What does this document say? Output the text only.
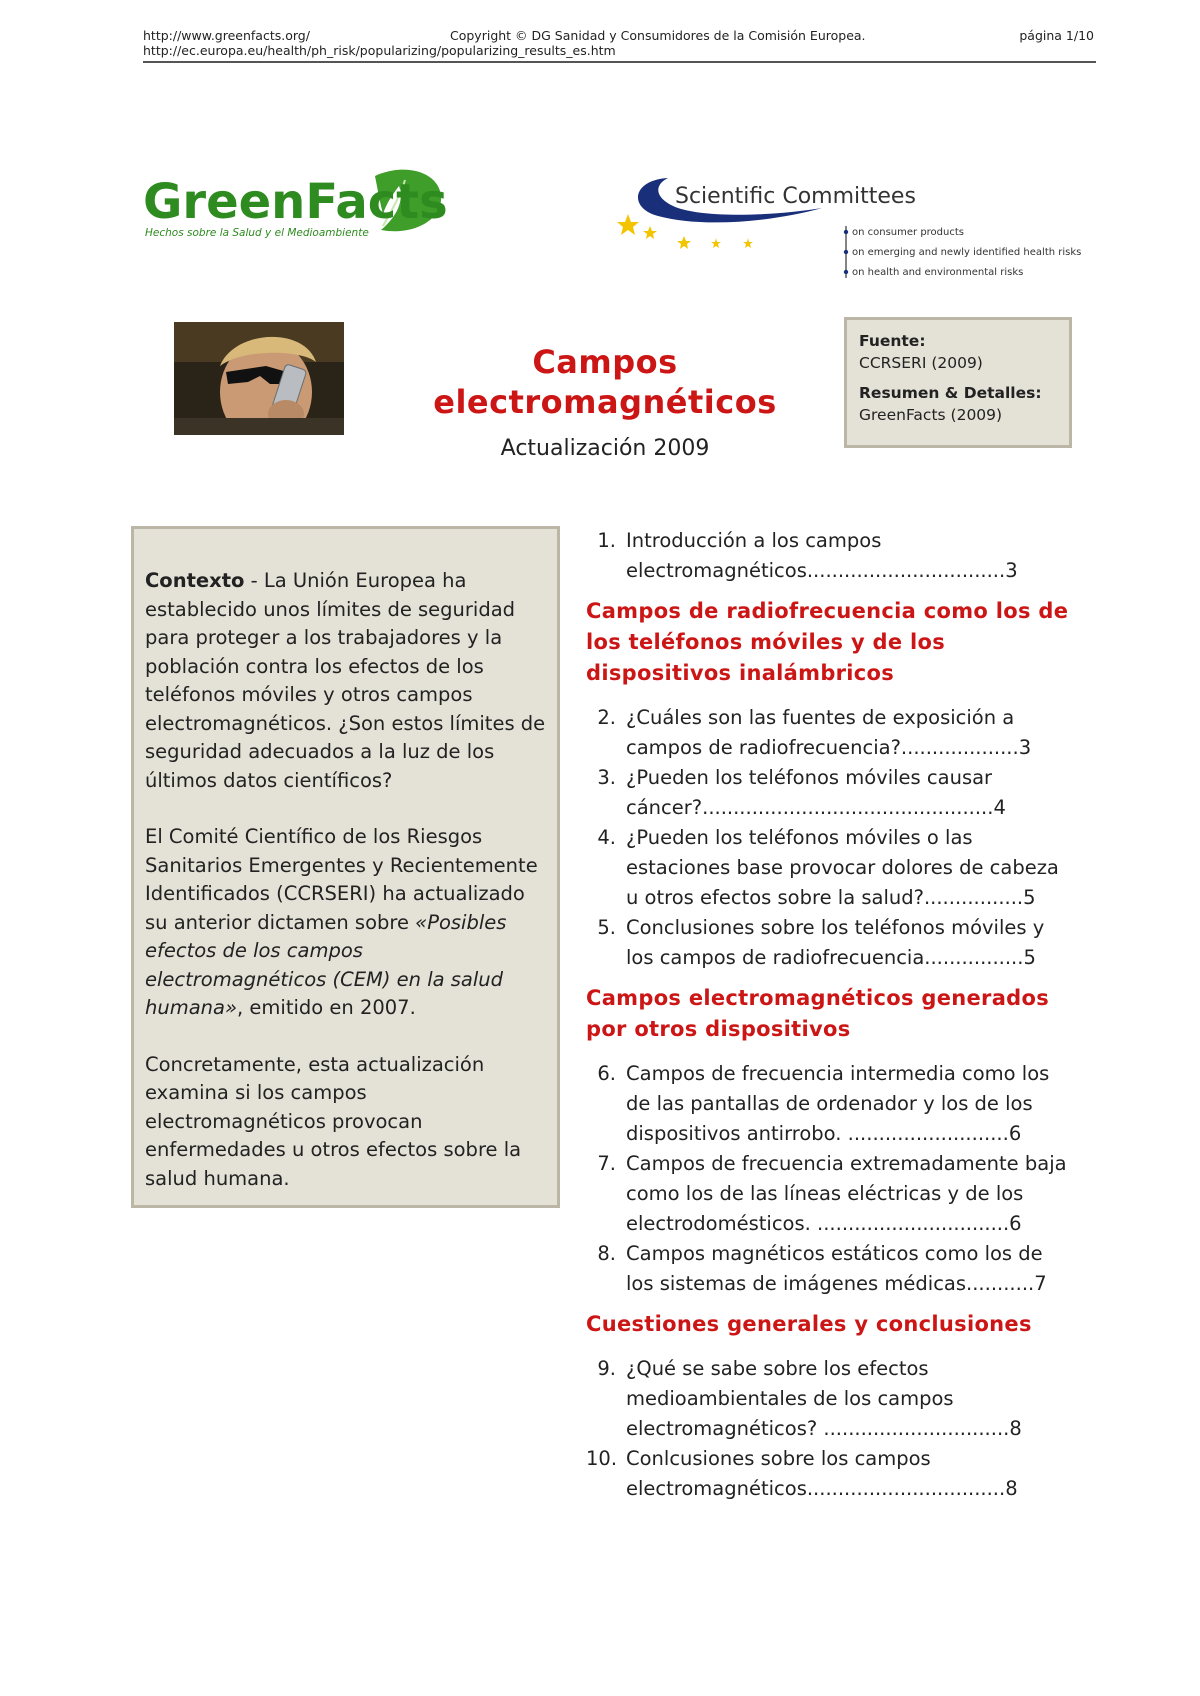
http://www.greenfacts.org/
http://ec.europa.eu/health/ph_risk/popularizing/popularizing_results_es.htm
Copyright © DG Sanidad y Consumidores de la Comisión Europea.	página 1/10
GreenFacts
Hechos sobre la Salud y el Medioambiente
Scientific Committees
on consumer products
on emerging and newly identified health risks
on health and environmental risks
Campos
electromagnéticos
Actualización 2009
Fuente:
CCRSERI (2009)
Resumen & Detalles:
GreenFacts (2009)

Contexto - La Unión Europea ha establecido unos límites de seguridad para proteger a los trabajadores y la población contra los efectos de los teléfonos móviles y otros campos electromagnéticos. ¿Son estos límites de seguridad adecuados a la luz de los últimos datos científicos?

El Comité Científico de los Riesgos Sanitarios Emergentes y Recientemente Identificados (CCRSERI) ha actualizado su anterior dictamen sobre «Posibles efectos de los campos electromagnéticos (CEM) en la salud humana», emitido en 2007.

Concretamente, esta actualización examina si los campos electromagnéticos provocan enfermedades u otros efectos sobre la salud humana.

1. Introducción a los campos
electromagnéticos................................3
Campos de radiofrecuencia como los de los teléfonos móviles y de los dispositivos inalámbricos
2. ¿Cuáles son las fuentes de exposición a
campos de radiofrecuencia?...................3
3. ¿Pueden los teléfonos móviles causar
cáncer?...............................................4
4. ¿Pueden los teléfonos móviles o las
estaciones base provocar dolores de cabeza
u otros efectos sobre la salud?................5
5. Conclusiones sobre los teléfonos móviles y
los campos de radiofrecuencia................5
Campos electromagnéticos generados por otros dispositivos
6. Campos de frecuencia intermedia como los
de las pantallas de ordenador y los de los
dispositivos antirrobo. ..........................6
7. Campos de frecuencia extremadamente baja
como los de las líneas eléctricas y de los
electrodomésticos. ...............................6
8. Campos magnéticos estáticos como los de
los sistemas de imágenes médicas...........7
Cuestiones generales y conclusiones
9. ¿Qué se sabe sobre los efectos
medioambientales de los campos
electromagnéticos? ..............................8
10. Conlcusiones sobre los campos
electromagnéticos................................8
